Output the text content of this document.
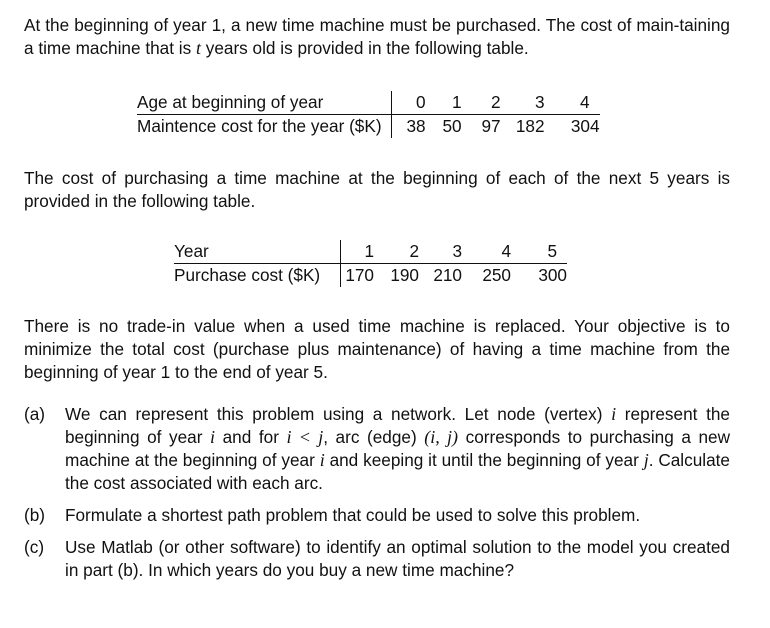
At the beginning of year 1, a new time machine must be purchased. The cost of main-taining a time machine that is t years old is provided in the following table.

Age at beginning of year	0	1	2	3	4
Maintence cost for the year ($K)	38	50	97	182	304

The cost of purchasing a time machine at the beginning of each of the next 5 years is provided in the following table.

Year	1	2	3	4	5
Purchase cost ($K)	170	190	210	250	300

There is no trade-in value when a used time machine is replaced. Your objective is to minimize the total cost (purchase plus maintenance) of having a time machine from the beginning of year 1 to the end of year 5.

(a) We can represent this problem using a network. Let node (vertex) i represent the beginning of year i and for i < j, arc (edge) (i, j) corresponds to purchasing a new machine at the beginning of year i and keeping it until the beginning of year j. Calculate the cost associated with each arc.
(b) Formulate a shortest path problem that could be used to solve this problem.
(c) Use Matlab (or other software) to identify an optimal solution to the model you created in part (b). In which years do you buy a new time machine?
